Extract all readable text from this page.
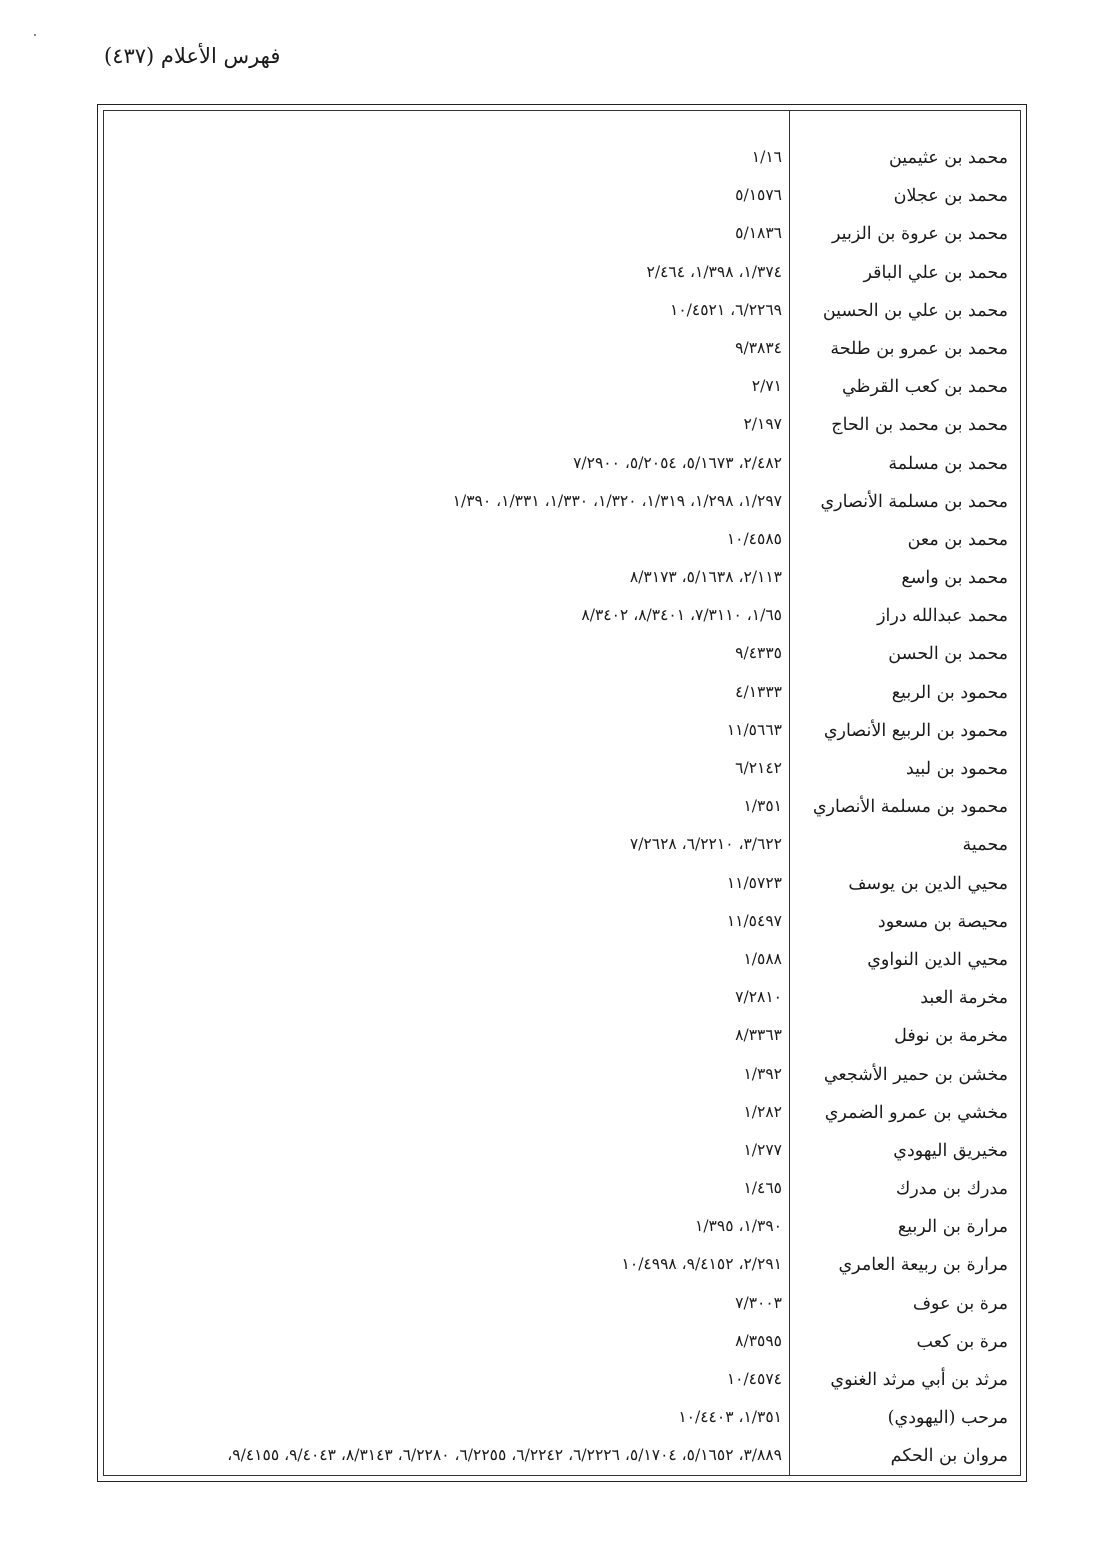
فهرس الأعلام (٤٣٧)
محمد بن عثيمين
١/١٦
محمد بن عجلان
٥/١٥٧٦
محمد بن عروة بن الزبير
٥/١٨٣٦
محمد بن علي الباقر
١/٣٧٤، ١/٣٩٨، ٢/٤٦٤
محمد بن علي بن الحسين
٦/٢٢٦٩، ١٠/٤٥٢١
محمد بن عمرو بن طلحة
٩/٣٨٣٤
محمد بن كعب القرظي
٢/٧١
محمد بن محمد بن الحاج
٢/١٩٧
محمد بن مسلمة
٢/٤٨٢، ٥/١٦٧٣، ٥/٢٠٥٤، ٧/٢٩٠٠
محمد بن مسلمة الأنصاري
١/٢٩٧، ١/٢٩٨، ١/٣١٩، ١/٣٢٠، ١/٣٣٠، ١/٣٣١، ١/٣٩٠
محمد بن معن
١٠/٤٥٨٥
محمد بن واسع
٢/١١٣، ٥/١٦٣٨، ٨/٣١٧٣
محمد عبدالله دراز
١/٦٥، ٧/٣١١٠، ٨/٣٤٠١، ٨/٣٤٠٢
محمد بن الحسن
٩/٤٣٣٥
محمود بن الربيع
٤/١٣٣٣
محمود بن الربيع الأنصاري
١١/٥٦٦٣
محمود بن لبيد
٦/٢١٤٢
محمود بن مسلمة الأنصاري
١/٣٥١
محمية
٣/٦٢٢، ٦/٢٢١٠، ٧/٢٦٢٨
محيي الدين بن يوسف
١١/٥٧٢٣
محيصة بن مسعود
١١/٥٤٩٧
محيي الدين النواوي
١/٥٨٨
مخرمة العبد
٧/٢٨١٠
مخرمة بن نوفل
٨/٣٣٦٣
مخشن بن حمير الأشجعي
١/٣٩٢
مخشي بن عمرو الضمري
١/٢٨٢
مخيريق اليهودي
١/٢٧٧
مدرك بن مدرك
١/٤٦٥
مرارة بن الربيع
١/٣٩٠، ١/٣٩٥
مرارة بن ربيعة العامري
٢/٢٩١، ٩/٤١٥٢، ١٠/٤٩٩٨
مرة بن عوف
٧/٣٠٠٣
مرة بن كعب
٨/٣٥٩٥
مرثد بن أبي مرثد الغنوي
١٠/٤٥٧٤
مرحب (اليهودي)
١/٣٥١، ١٠/٤٤٠٣
مروان بن الحكم
٣/٨٨٩، ٥/١٦٥٢، ٥/١٧٠٤، ٦/٢٢٢٦، ٦/٢٢٤٢، ٦/٢٢٥٥، ٦/٢٢٨٠، ٨/٣١٤٣، ٩/٤٠٤٣، ٩/٤١٥٥،
